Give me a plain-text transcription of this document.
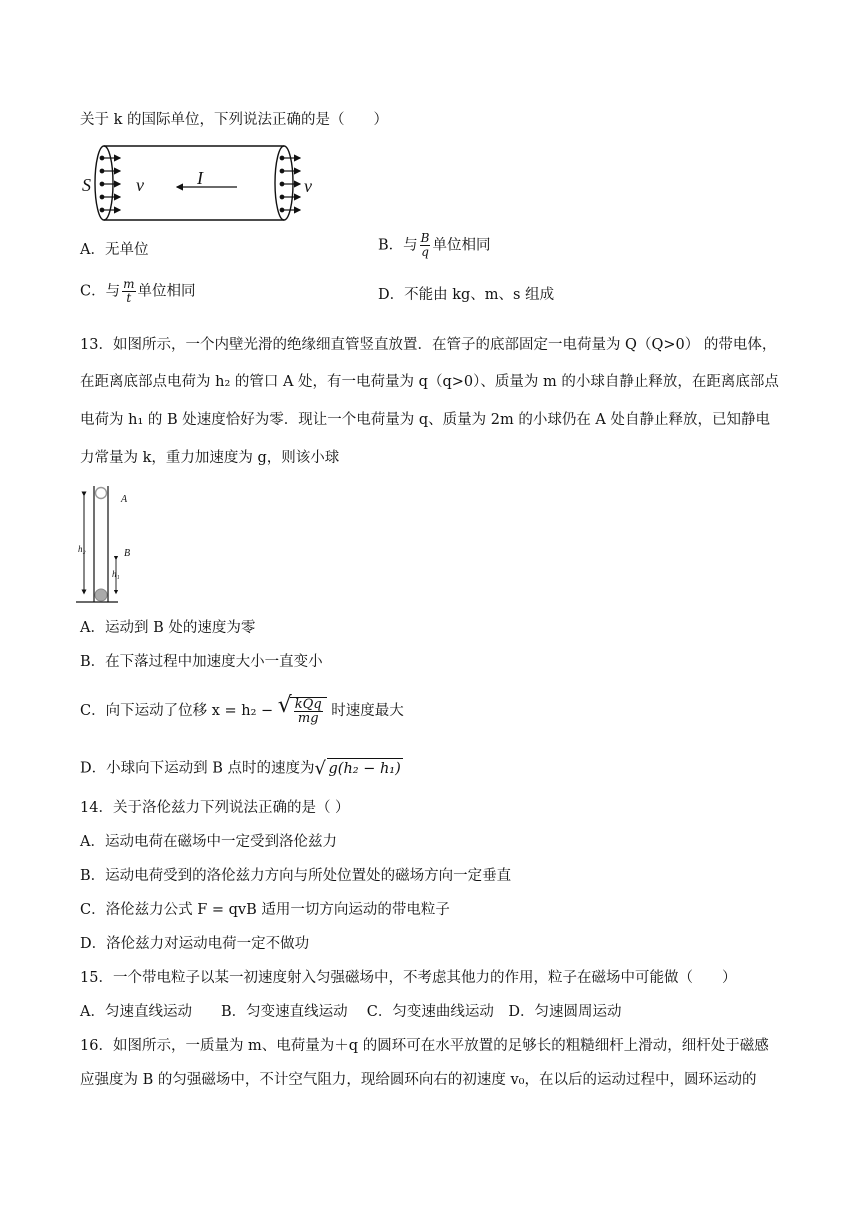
关于 k 的国际单位，下列说法正确的是（　　）
S	v	I	v
A．无单位	B．与 $\frac{B}{q}$ 单位相同
C．与 $\frac{m}{t}$ 单位相同	D．不能由 kg、m、s 组成
13．如图所示，一个内壁光滑的绝缘细直管竖直放置．在管子的底部固定一电荷量为 Q（Q>0） 的带电体，
在距离底部点电荷为 h₂ 的管口 A 处，有一电荷量为 q（q>0）、质量为 m 的小球自静止释放，在距离底部点
电荷为 h₁ 的 B 处速度恰好为零．现让一个电荷量为 q、质量为 2m 的小球仍在 A 处自静止释放，已知静电
力常量为 k，重力加速度为 g，则该小球
A
B
h₂
h₁
A．运动到 B 处的速度为零
B．在下落过程中加速度大小一直变小
C．向下运动了位移 x = h₂ − √ $\frac{\text{kQq}}{mg}$ 时速度最大
D．小球向下运动到 B 点时的速度为 √ g(h₂ − h₁)
14．关于洛伦兹力下列说法正确的是（ ）
A．运动电荷在磁场中一定受到洛伦兹力
B．运动电荷受到的洛伦兹力方向与所处位置处的磁场方向一定垂直
C．洛伦兹力公式 F = qvB 适用一切方向运动的带电粒子
D．洛伦兹力对运动电荷一定不做功
15．一个带电粒子以某一初速度射入匀强磁场中，不考虑其他力的作用，粒子在磁场中可能做（　　）
A．匀速直线运动　　B．匀变速直线运动　 C．匀变速曲线运动　D．匀速圆周运动
16．如图所示，一质量为 m、电荷量为＋q 的圆环可在水平放置的足够长的粗糙细杆上滑动，细杆处于磁感
应强度为 B 的匀强磁场中，不计空气阻力，现给圆环向右的初速度 v₀，在以后的运动过程中，圆环运动的
